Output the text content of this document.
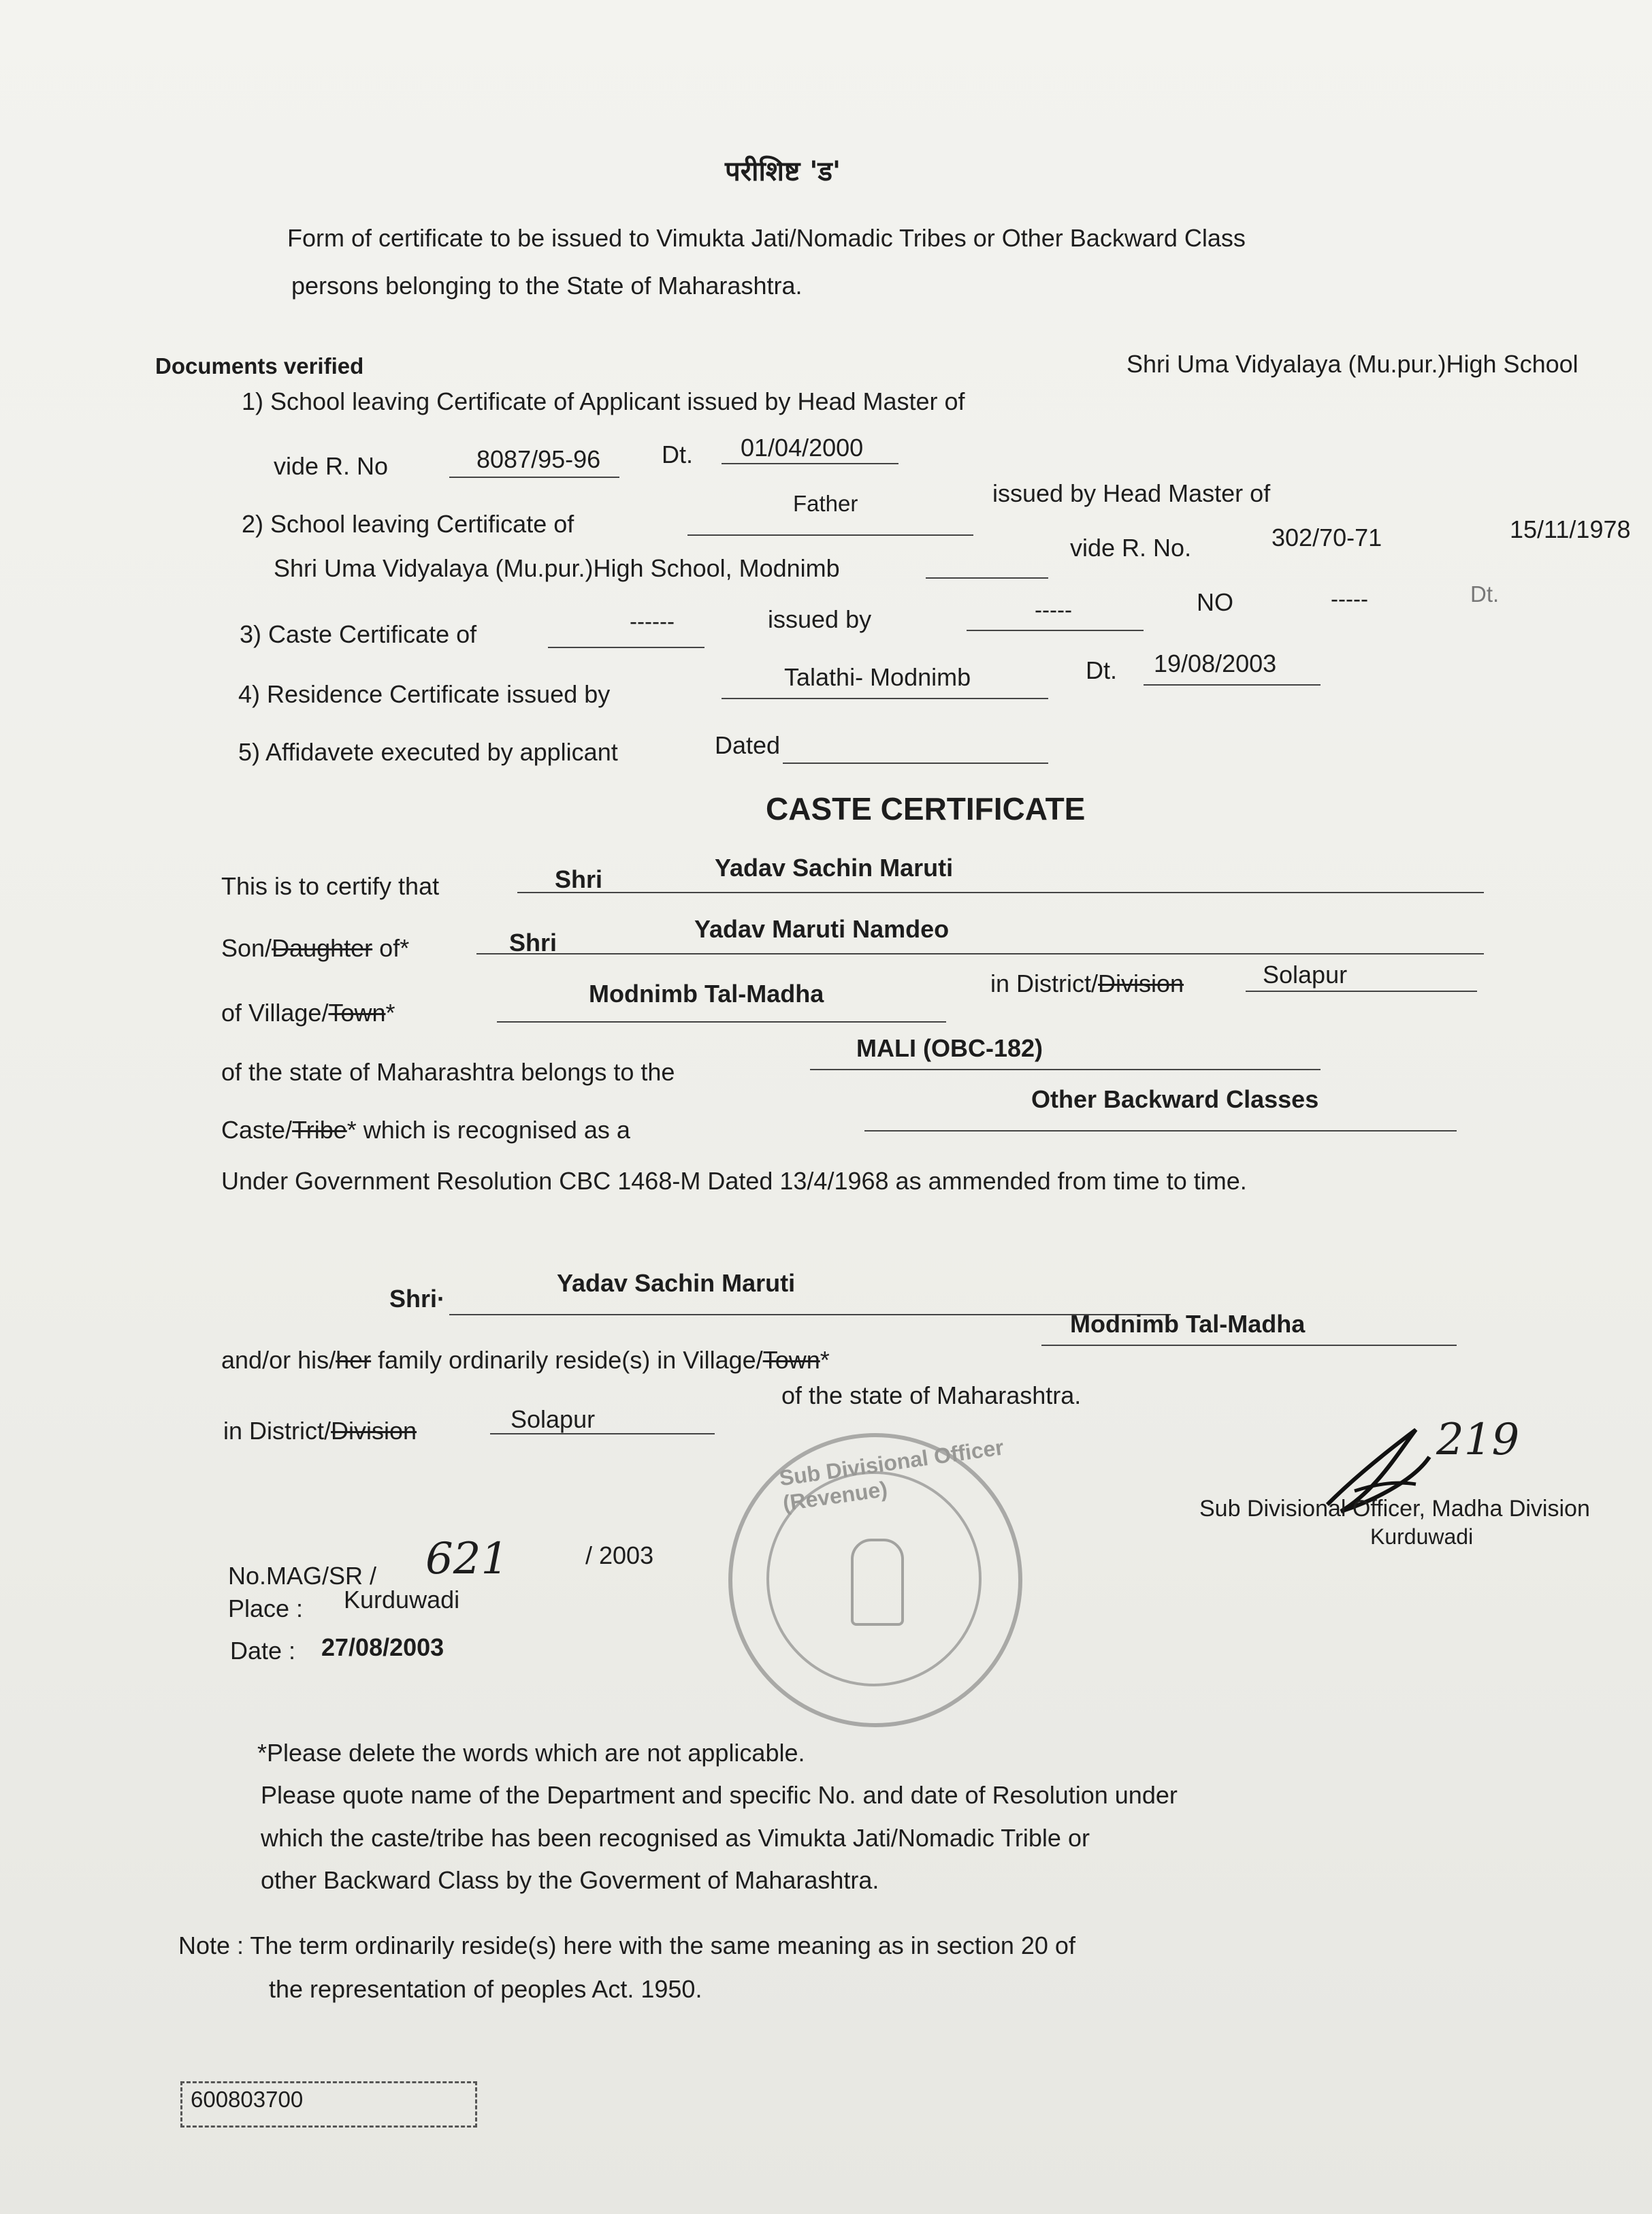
परीशिष्ट 'ड'
Form of certificate to be issued to Vimukta Jati/Nomadic Tribes or Other Backward Class
persons belonging to the State of Maharashtra.
Documents verified
1) School leaving Certificate of Applicant issued by Head Master of
Shri Uma Vidyalaya (Mu.pur.)High School
vide R. No	8087/95-96 Dt. 01/04/2000
2) School leaving Certificate of
Father	issued by Head Master of
Shri Uma Vidyalaya (Mu.pur.)High School, Modnimb
vide R. No.	302/70-71	15/11/1978
3) Caste Certificate of	------	issued by	-----	NO	-----	Dt.
4) Residence Certificate issued by
Talathi- Modnimb	Dt. 19/08/2003
5) Affidavete executed by applicant	Dated
CASTE CERTIFICATE
This is to certify that	Shri	Yadav Sachin Maruti
Son/Daughter of*	Shri	Yadav Maruti Namdeo
of Village/Town*
Modnimb Tal-Madha	in District/Division	Solapur
of the state of Maharashtra belongs to the
MALI (OBC-182)
Caste/Tribe* which is recognised as a
Other Backward Classes
Under Government Resolution CBC 1468-M Dated 13/4/1968 as ammended from time to time.
Shri·
Yadav Sachin Maruti
and/or his/her family ordinarily reside(s) in Village/Town*
Modnimb Tal-Madha
in District/Division	Solapur
of the state of Maharashtra.
Sub Divisional Officer (Revenue)
219
Sub Divisional Officer, Madha Division
Kurduwadi
No.MAG/SR / 621	/ 2003
Place : Kurduwadi
Date : 27/08/2003
*Please delete the words which are not applicable.
Please quote name of the Department and specific No. and date of Resolution under
which the caste/tribe has been recognised as Vimukta Jati/Nomadic Trible or
other Backward Class by the Goverment of Maharashtra.
Note : The term ordinarily reside(s) here with the same meaning as in section 20 of
the representation of peoples Act. 1950.
600803700
